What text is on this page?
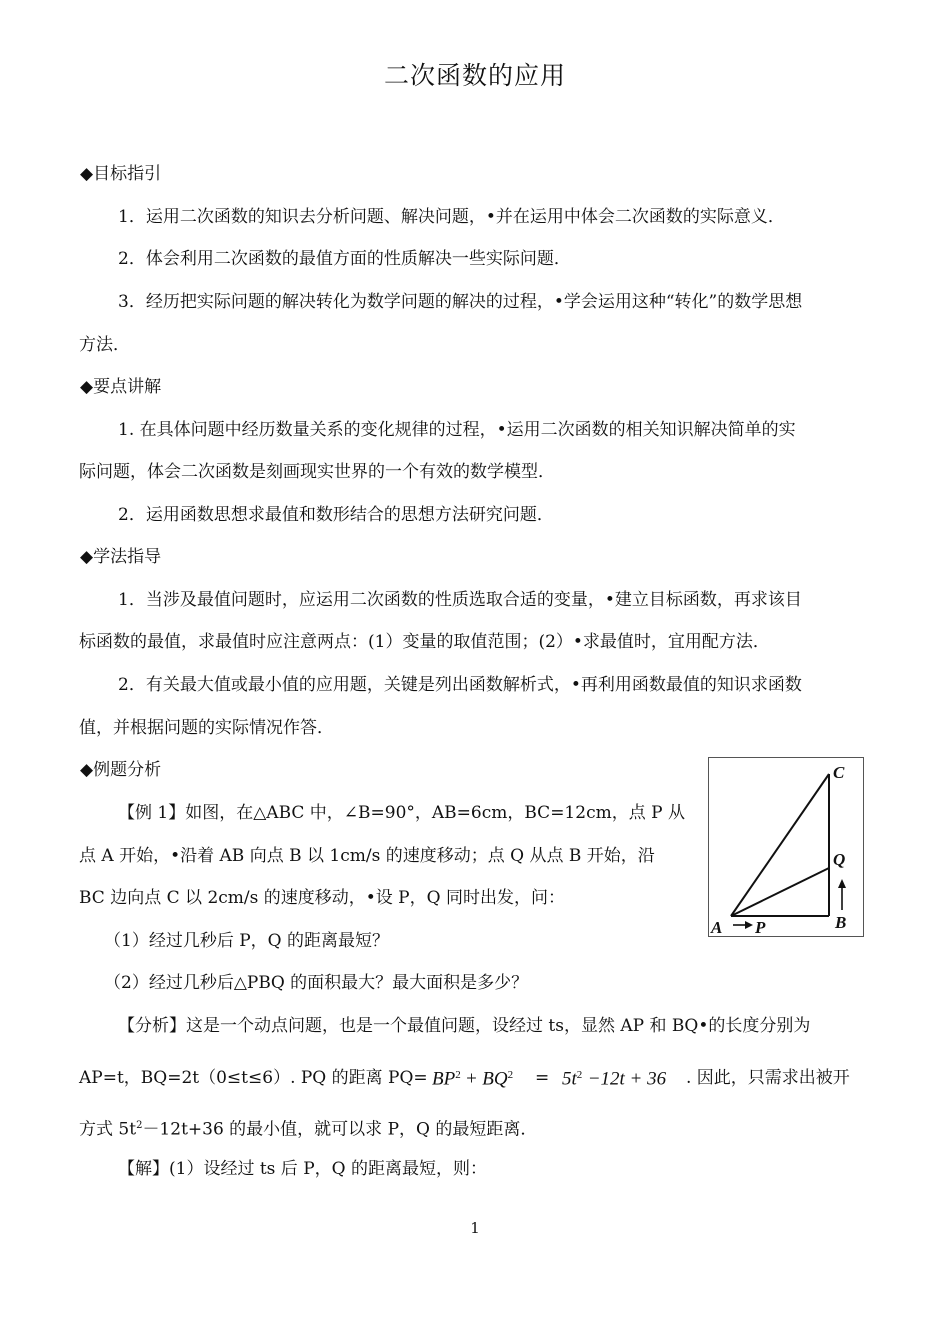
二次函数的应用
◆目标指引
1．运用二次函数的知识去分析问题、解决问题，•并在运用中体会二次函数的实际意义．
2．体会利用二次函数的最值方面的性质解决一些实际问题．
3．经历把实际问题的解决转化为数学问题的解决的过程，•学会运用这种“转化”的数学思想
方法．
◆要点讲解
1. 在具体问题中经历数量关系的变化规律的过程，•运用二次函数的相关知识解决简单的实
际问题，体会二次函数是刻画现实世界的一个有效的数学模型．
2．运用函数思想求最值和数形结合的思想方法研究问题．
◆学法指导
1．当涉及最值问题时，应运用二次函数的性质选取合适的变量，•建立目标函数，再求该目
标函数的最值，求最值时应注意两点：(1）变量的取值范围；(2）•求最值时，宜用配方法．
2．有关最大值或最小值的应用题，关键是列出函数解析式，•再利用函数最值的知识求函数
值，并根据问题的实际情况作答．
◆例题分析
【例 1】如图，在△ABC 中，∠B=90°，AB=6cm，BC=12cm，点 P 从
点 A 开始，•沿着 AB 向点 B 以 1cm/s 的速度移动；点 Q 从点 B 开始，沿
BC 边向点 C 以 2cm/s 的速度移动，•设 P，Q 同时出发，问：
（1）经过几秒后 P，Q 的距离最短？
（2）经过几秒后△PBQ 的面积最大？最大面积是多少？
【分析】这是一个动点问题，也是一个最值问题，设经过 ts，显然 AP 和 BQ•的长度分别为
AP=t，BQ=2t（0≤t≤6）. PQ 的距离 $PQ= BP^2 + BQ^2 = 5t^2 -12t + 36$ . 因此，只需求出被开
方式 $5t^2-12t+36$ 的最小值，就可以求 P，Q 的最短距离．
【解】(1）设经过 ts 后 P，Q 的距离最短，则：
C
Q
B
A P
1
